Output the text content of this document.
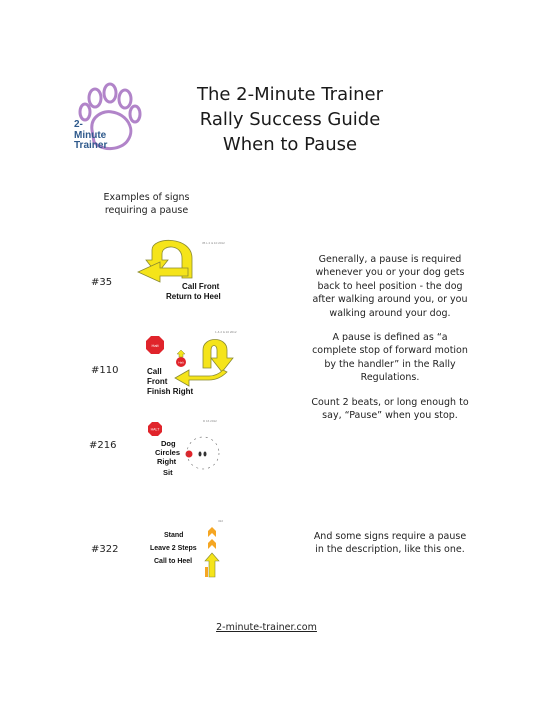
2-
Minute
Trainer
The 2-Minute Trainer
Rally Success Guide
When to Pause
Examples of signs
requiring a pause
#35
#110
#216
#322
35 L 2 & 10 2012
Call Front
Return to Heel
1 & 2 & 10 2012
Halt
Halt
Call
Front
Finish Right
D 16 2012
HALT
Dog
Circles
Right
Sit
322
Stand
Leave 2 Steps
Call to Heel
Generally, a pause is required
whenever you or your dog gets
back to heel position - the dog
after walking around you, or you
walking around your dog.
A pause is defined as “a
complete stop of forward motion
by the handler” in the Rally
Regulations.
Count 2 beats, or long enough to
say, “Pause” when you stop.
And some signs require a pause
in the description, like this one.
2-minute-trainer.com
